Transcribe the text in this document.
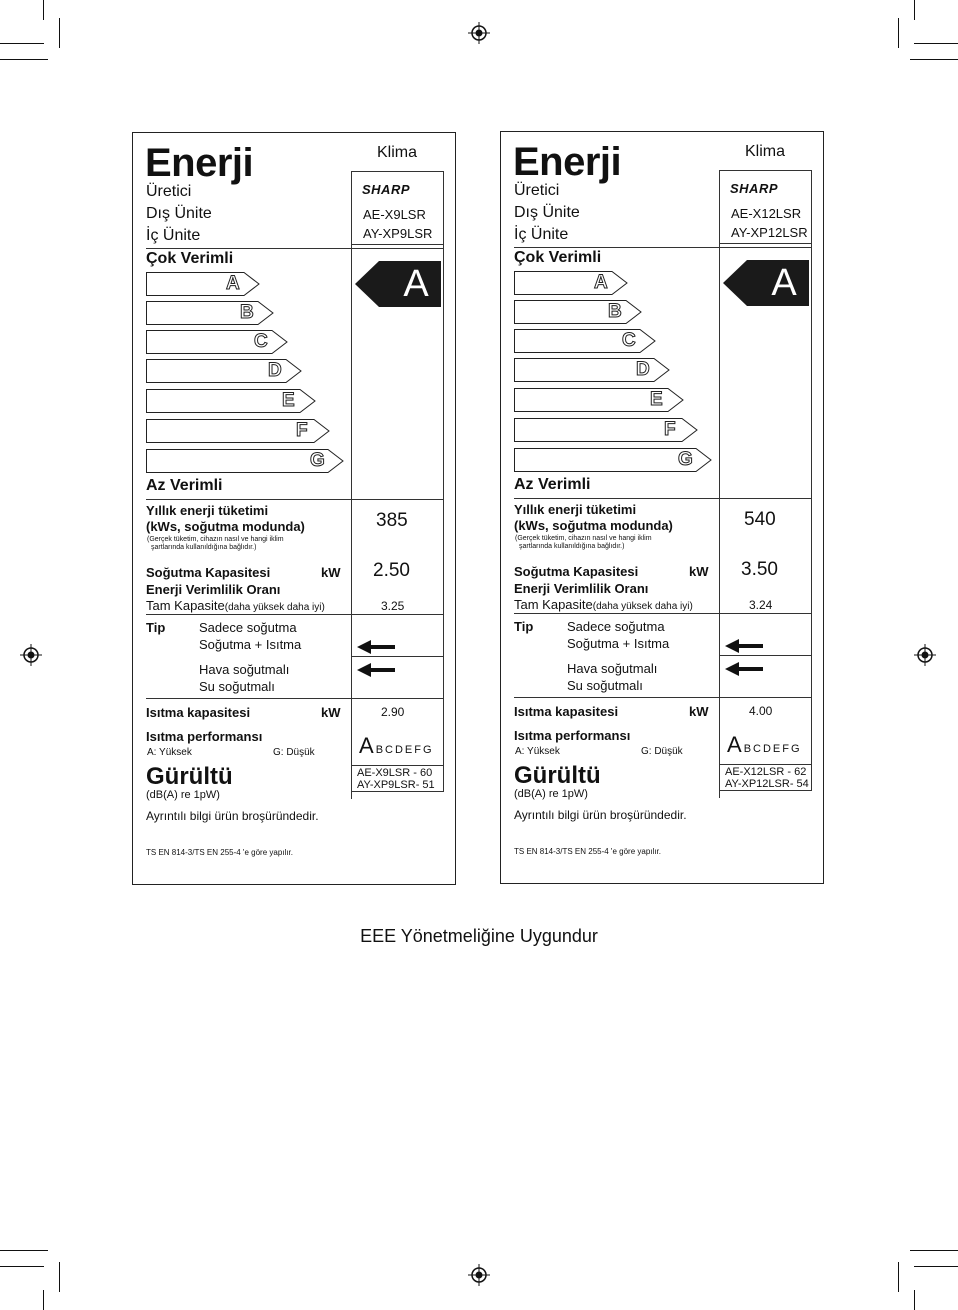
Enerji	Klima
Üretici
Dış Ünite
İç Ünite
SHARP
AE-X9LSR
AY-XP9LSR
Çok Verimli
A
B
C
D
E
F
G
A
Az Verimli
Yıllık enerji tüketimi
(kWs, soğutma modunda)
(Gerçek tüketim, cihazın nasıl ve hangi iklim
şartlarında kullanıldığına bağlıdır.)
385
Soğutma Kapasitesi	kW 2.50
Enerji Verimlilik Oranı
Tam Kapasite(daha yüksek daha iyi)	3.25
Tip	Sadece soğutma
Soğutma + Isıtma
Hava soğutmalı
Su soğutmalı
Isıtma kapasitesi	kW	2.90
Isıtma performansı
A: Yüksek	G: Düşük ABCDEFG
Gürültü
(dB(A) re 1pW)
AE-X9LSR - 60
AY-XP9LSR- 51
Ayrıntılı bilgi ürün broşüründedir.
TS EN 814-3/TS EN 255-4 'e göre yapılır.
Enerji	Klima
Üretici
Dış Ünite
İç Ünite
SHARP
AE-X12LSR
AY-XP12LSR
Çok Verimli
A
B
C
D
E
F
G
A
Az Verimli
Yıllık enerji tüketimi
(kWs, soğutma modunda)
(Gerçek tüketim, cihazın nasıl ve hangi iklim
şartlarında kullanıldığına bağlıdır.)
540
Soğutma Kapasitesi	kW 3.50
Enerji Verimlilik Oranı
Tam Kapasite(daha yüksek daha iyi)	3.24
Tip	Sadece soğutma
Soğutma + Isıtma
Hava soğutmalı
Su soğutmalı
Isıtma kapasitesi	kW	4.00
Isıtma performansı
A: Yüksek	G: Düşük ABCDEFG
Gürültü
(dB(A) re 1pW)
AE-X12LSR - 62
AY-XP12LSR- 54
Ayrıntılı bilgi ürün broşüründedir.
TS EN 814-3/TS EN 255-4 'e göre yapılır.
EEE Yönetmeliğine Uygundur
